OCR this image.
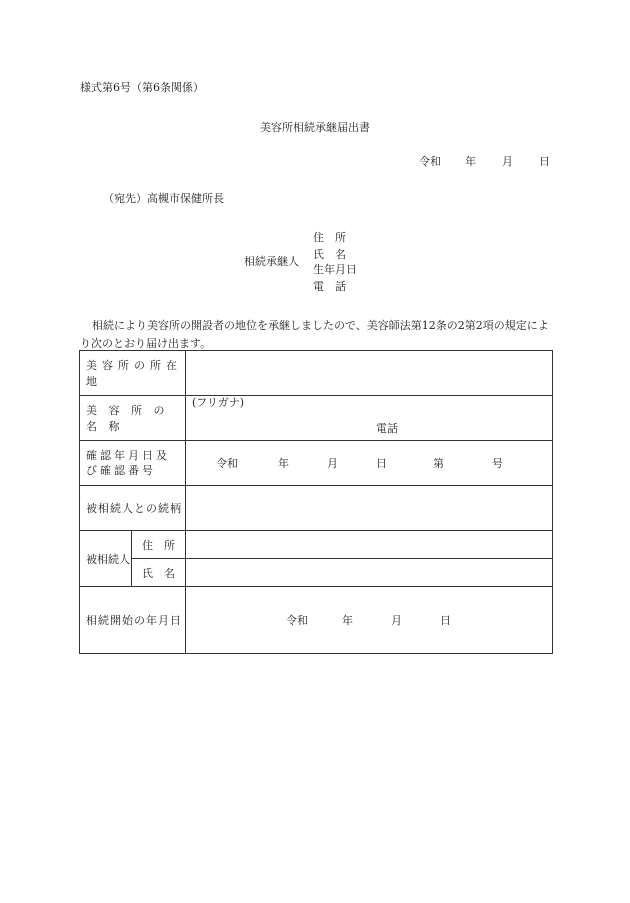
様式第6号（第6条関係）
美容所相続承継届出書
令和 年 月 日
（宛先）高槻市保健所長
相続承継人
住　所
氏　名
生年月日
電　話
相続により美容所の開設者の地位を承継しましたので、美容師法第12条の2第2項の規定により次のとおり届け出ます。
美容所の所在地		
美 容 所 の 名 称		(フリガナ)
電話

確認年月日及び確認番号		令和 年 月 日 第 号
被相続人との続柄		
被相続人	住　所	
	氏　名	
相続開始の年月日		令和 年 月 日
